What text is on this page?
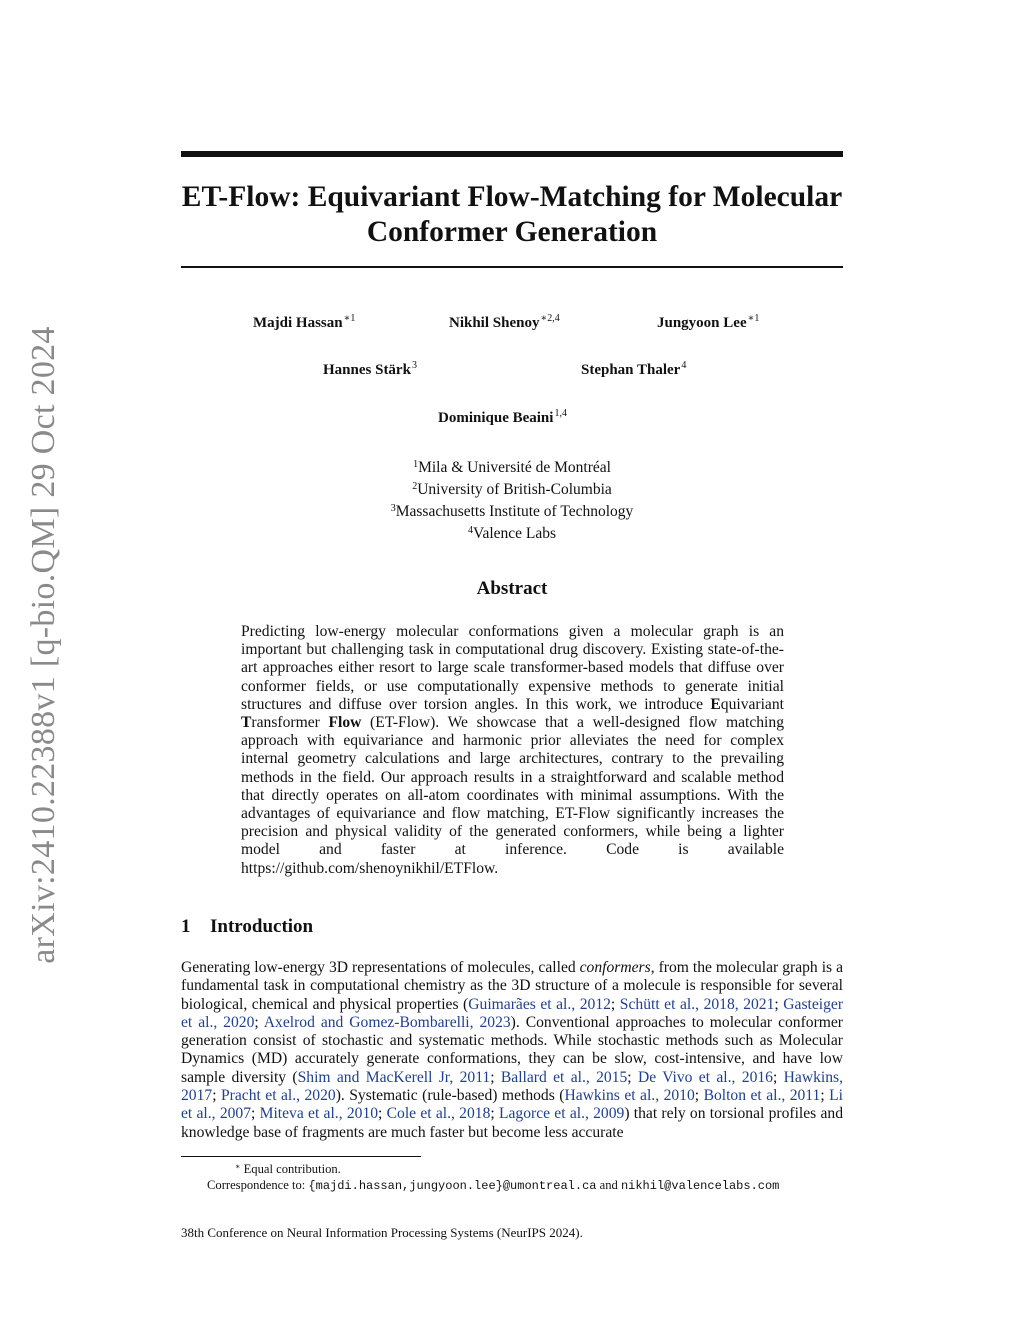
arXiv:2410.22388v1 [q-bio.QM] 29 Oct 2024
ET-Flow: Equivariant Flow-Matching for Molecular
Conformer Generation
Majdi Hassan$^{∗1}$	Nikhil Shenoy$^{∗2,4}$	Jungyoon Lee$^{∗1}$
Hannes Stärk$^3$	Stephan Thaler$^4$
Dominique Beaini$^{1,4}$
$^1$Mila & Université de Montréal
$^2$University of British-Columbia
$^3$Massachusetts Institute of Technology
$^4$Valence Labs
Abstract
Predicting low-energy molecular conformations given a molecular graph is an important but challenging task in computational drug discovery. Existing state-of-the-art approaches either resort to large scale transformer-based models that diffuse over conformer fields, or use computationally expensive methods to generate initial structures and diffuse over torsion angles. In this work, we introduce Equivariant Transformer Flow (ET-Flow). We showcase that a well-designed flow matching approach with equivariance and harmonic prior alleviates the need for complex internal geometry calculations and large architectures, contrary to the prevailing methods in the field. Our approach results in a straightforward and scalable method that directly operates on all-atom coordinates with minimal assumptions. With the advantages of equivariance and flow matching, ET-Flow significantly increases the precision and physical validity of the generated conformers, while being a lighter model and faster at inference. Code is available https://github.com/shenoynikhil/ETFlow.
1 Introduction
Generating low-energy 3D representations of molecules, called conformers, from the molecular graph is a fundamental task in computational chemistry as the 3D structure of a molecule is responsible for several biological, chemical and physical properties (Guimarães et al., 2012; Schütt et al., 2018, 2021; Gasteiger et al., 2020; Axelrod and Gomez-Bombarelli, 2023). Conventional approaches to molecular conformer generation consist of stochastic and systematic methods. While stochastic methods such as Molecular Dynamics (MD) accurately generate conformations, they can be slow, cost-intensive, and have low sample diversity (Shim and MacKerell Jr, 2011; Ballard et al., 2015; De Vivo et al., 2016; Hawkins, 2017; Pracht et al., 2020). Systematic (rule-based) methods (Hawkins et al., 2010; Bolton et al., 2011; Li et al., 2007; Miteva et al., 2010; Cole et al., 2018; Lagorce et al., 2009) that rely on torsional profiles and knowledge base of fragments are much faster but become less accurate
∗ Equal contribution.
Correspondence to: {majdi.hassan,jungyoon.lee}@umontreal.ca and nikhil@valencelabs.com
38th Conference on Neural Information Processing Systems (NeurIPS 2024).
